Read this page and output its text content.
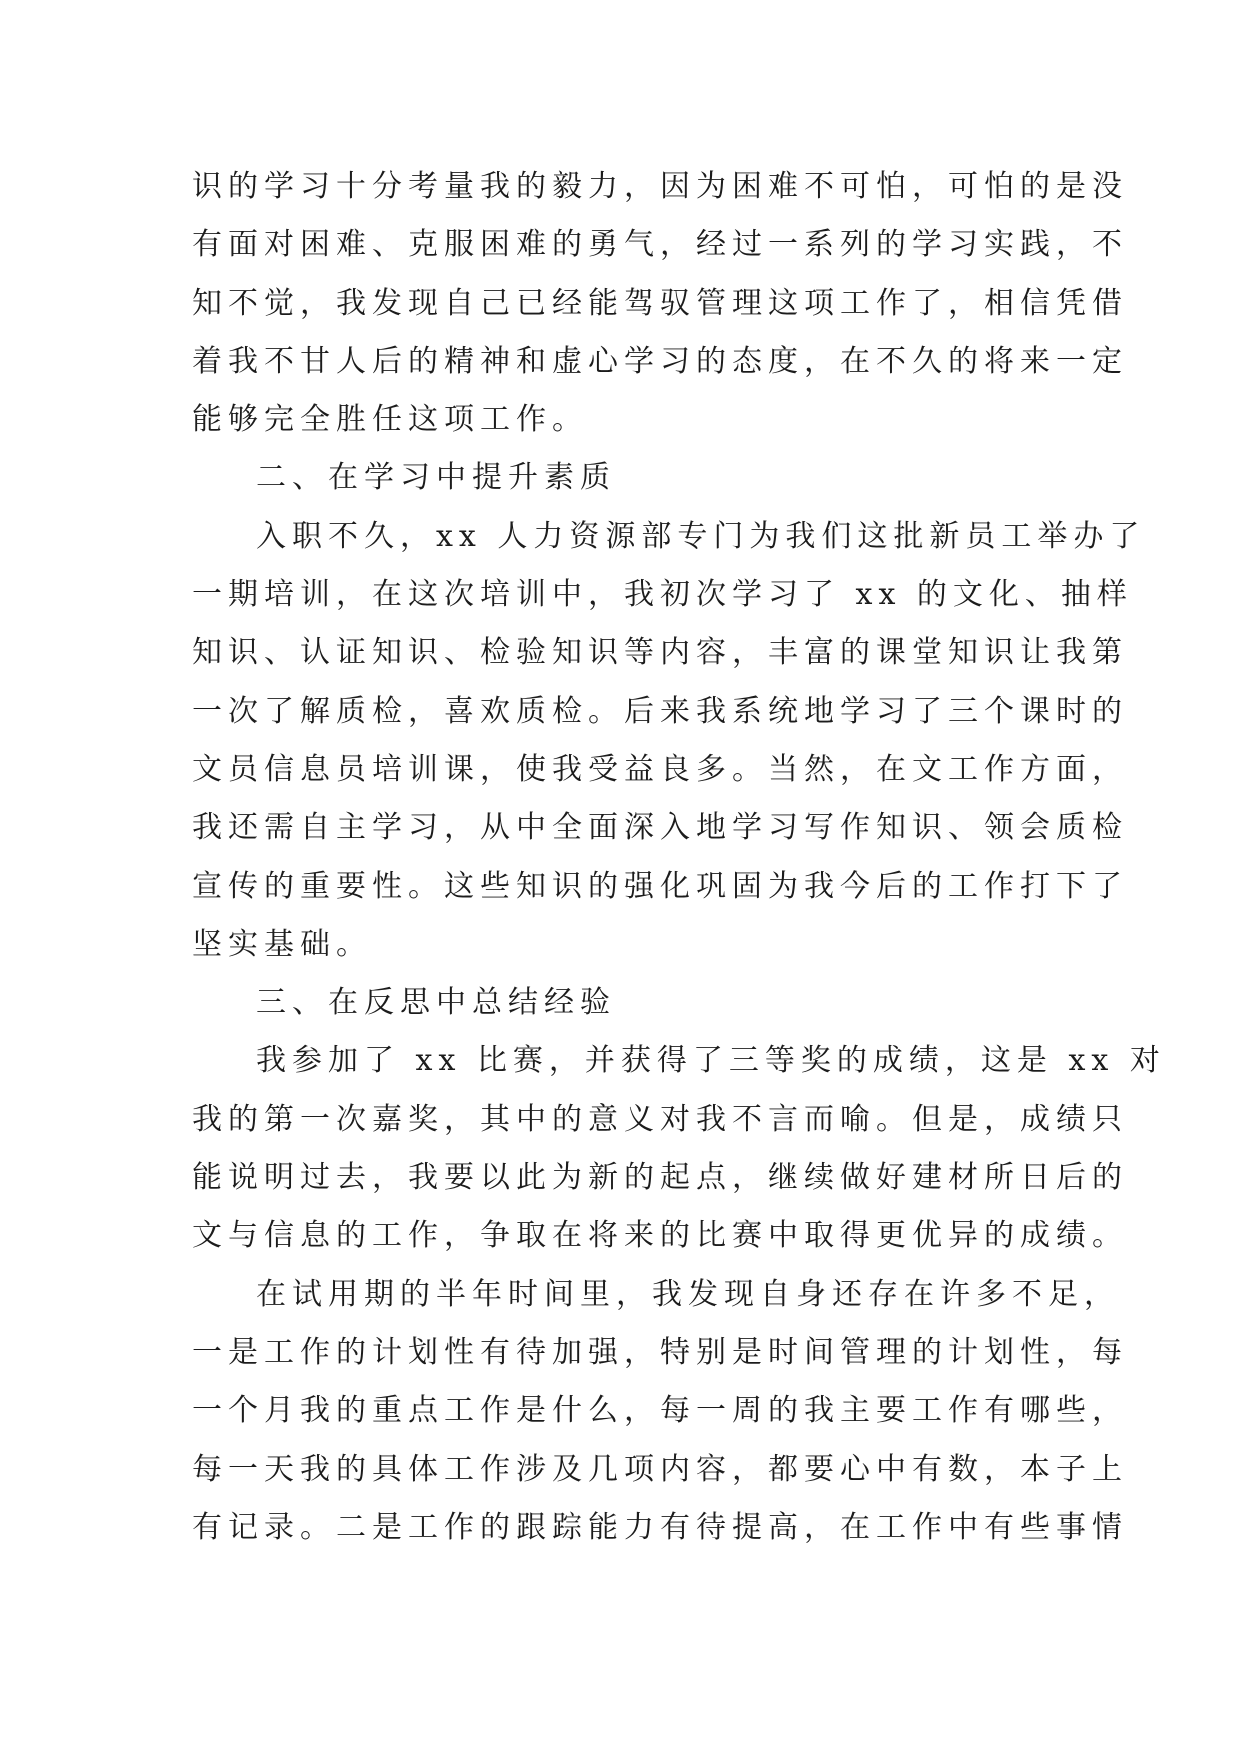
识的学习十分考量我的毅力，因为困难不可怕，可怕的是没
有面对困难、克服困难的勇气，经过一系列的学习实践，不
知不觉，我发现自己已经能驾驭管理这项工作了，相信凭借
着我不甘人后的精神和虚心学习的态度，在不久的将来一定
能够完全胜任这项工作。
二、在学习中提升素质
入职不久，xx 人力资源部专门为我们这批新员工举办了
一期培训，在这次培训中，我初次学习了 xx 的文化、抽样
知识、认证知识、检验知识等内容，丰富的课堂知识让我第
一次了解质检，喜欢质检。后来我系统地学习了三个课时的
文员信息员培训课，使我受益良多。当然，在文工作方面，
我还需自主学习，从中全面深入地学习写作知识、领会质检
宣传的重要性。这些知识的强化巩固为我今后的工作打下了
坚实基础。
三、在反思中总结经验
我参加了 xx 比赛，并获得了三等奖的成绩，这是 xx 对
我的第一次嘉奖，其中的意义对我不言而喻。但是，成绩只
能说明过去，我要以此为新的起点，继续做好建材所日后的
文与信息的工作，争取在将来的比赛中取得更优异的成绩。
在试用期的半年时间里，我发现自身还存在许多不足，
一是工作的计划性有待加强，特别是时间管理的计划性，每
一个月我的重点工作是什么，每一周的我主要工作有哪些，
每一天我的具体工作涉及几项内容，都要心中有数，本子上
有记录。二是工作的跟踪能力有待提高，在工作中有些事情
